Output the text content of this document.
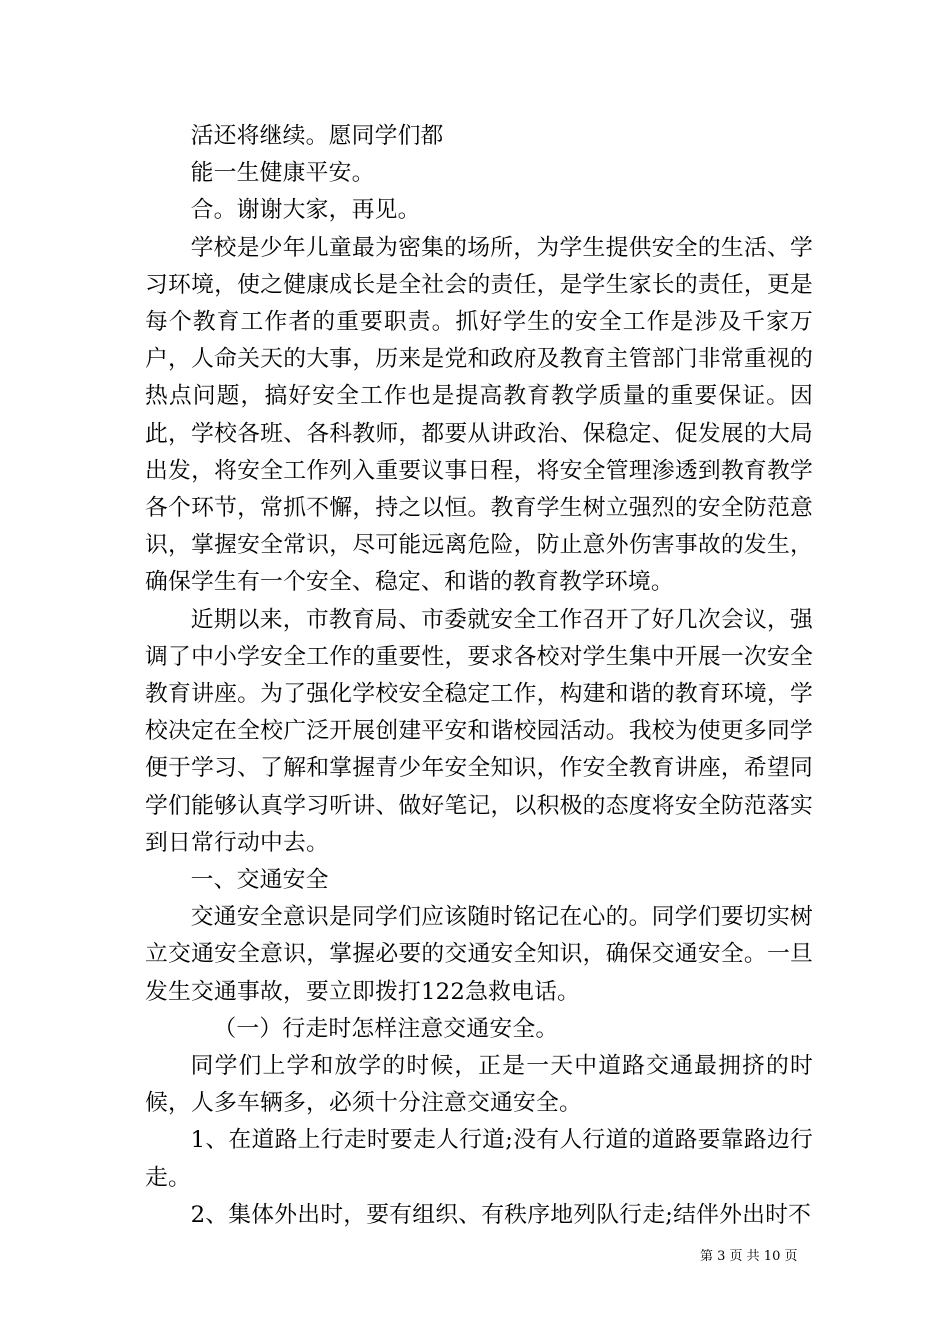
活还将继续。愿同学们都

能一生健康平安。

合。谢谢大家，再见。

学校是少年儿童最为密集的场所，为学生提供安全的生活、学习环境，使之健康成长是全社会的责任，是学生家长的责任，更是每个教育工作者的重要职责。抓好学生的安全工作是涉及千家万户，人命关天的大事，历来是党和政府及教育主管部门非常重视的热点问题，搞好安全工作也是提高教育教学质量的重要保证。因此，学校各班、各科教师，都要从讲政治、保稳定、促发展的大局出发，将安全工作列入重要议事日程，将安全管理渗透到教育教学各个环节，常抓不懈，持之以恒。教育学生树立强烈的安全防范意识，掌握安全常识，尽可能远离危险，防止意外伤害事故的发生，确保学生有一个安全、稳定、和谐的教育教学环境。

近期以来，市教育局、市委就安全工作召开了好几次会议，强调了中小学安全工作的重要性，要求各校对学生集中开展一次安全教育讲座。为了强化学校安全稳定工作，构建和谐的教育环境，学校决定在全校广泛开展创建平安和谐校园活动。我校为使更多同学便于学习、了解和掌握青少年安全知识，作安全教育讲座，希望同学们能够认真学习听讲、做好笔记，以积极的态度将安全防范落实到日常行动中去。

一、交通安全

交通安全意识是同学们应该随时铭记在心的。同学们要切实树立交通安全意识，掌握必要的交通安全知识，确保交通安全。一旦发生交通事故，要立即拨打122急救电话。

（一）行走时怎样注意交通安全。

同学们上学和放学的时候，正是一天中道路交通最拥挤的时候，人多车辆多，必须十分注意交通安全。

1、在道路上行走时要走人行道;没有人行道的道路要靠路边行走。

2、集体外出时，要有组织、有秩序地列队行走;结伴外出时不

第 3 页 共 10 页
